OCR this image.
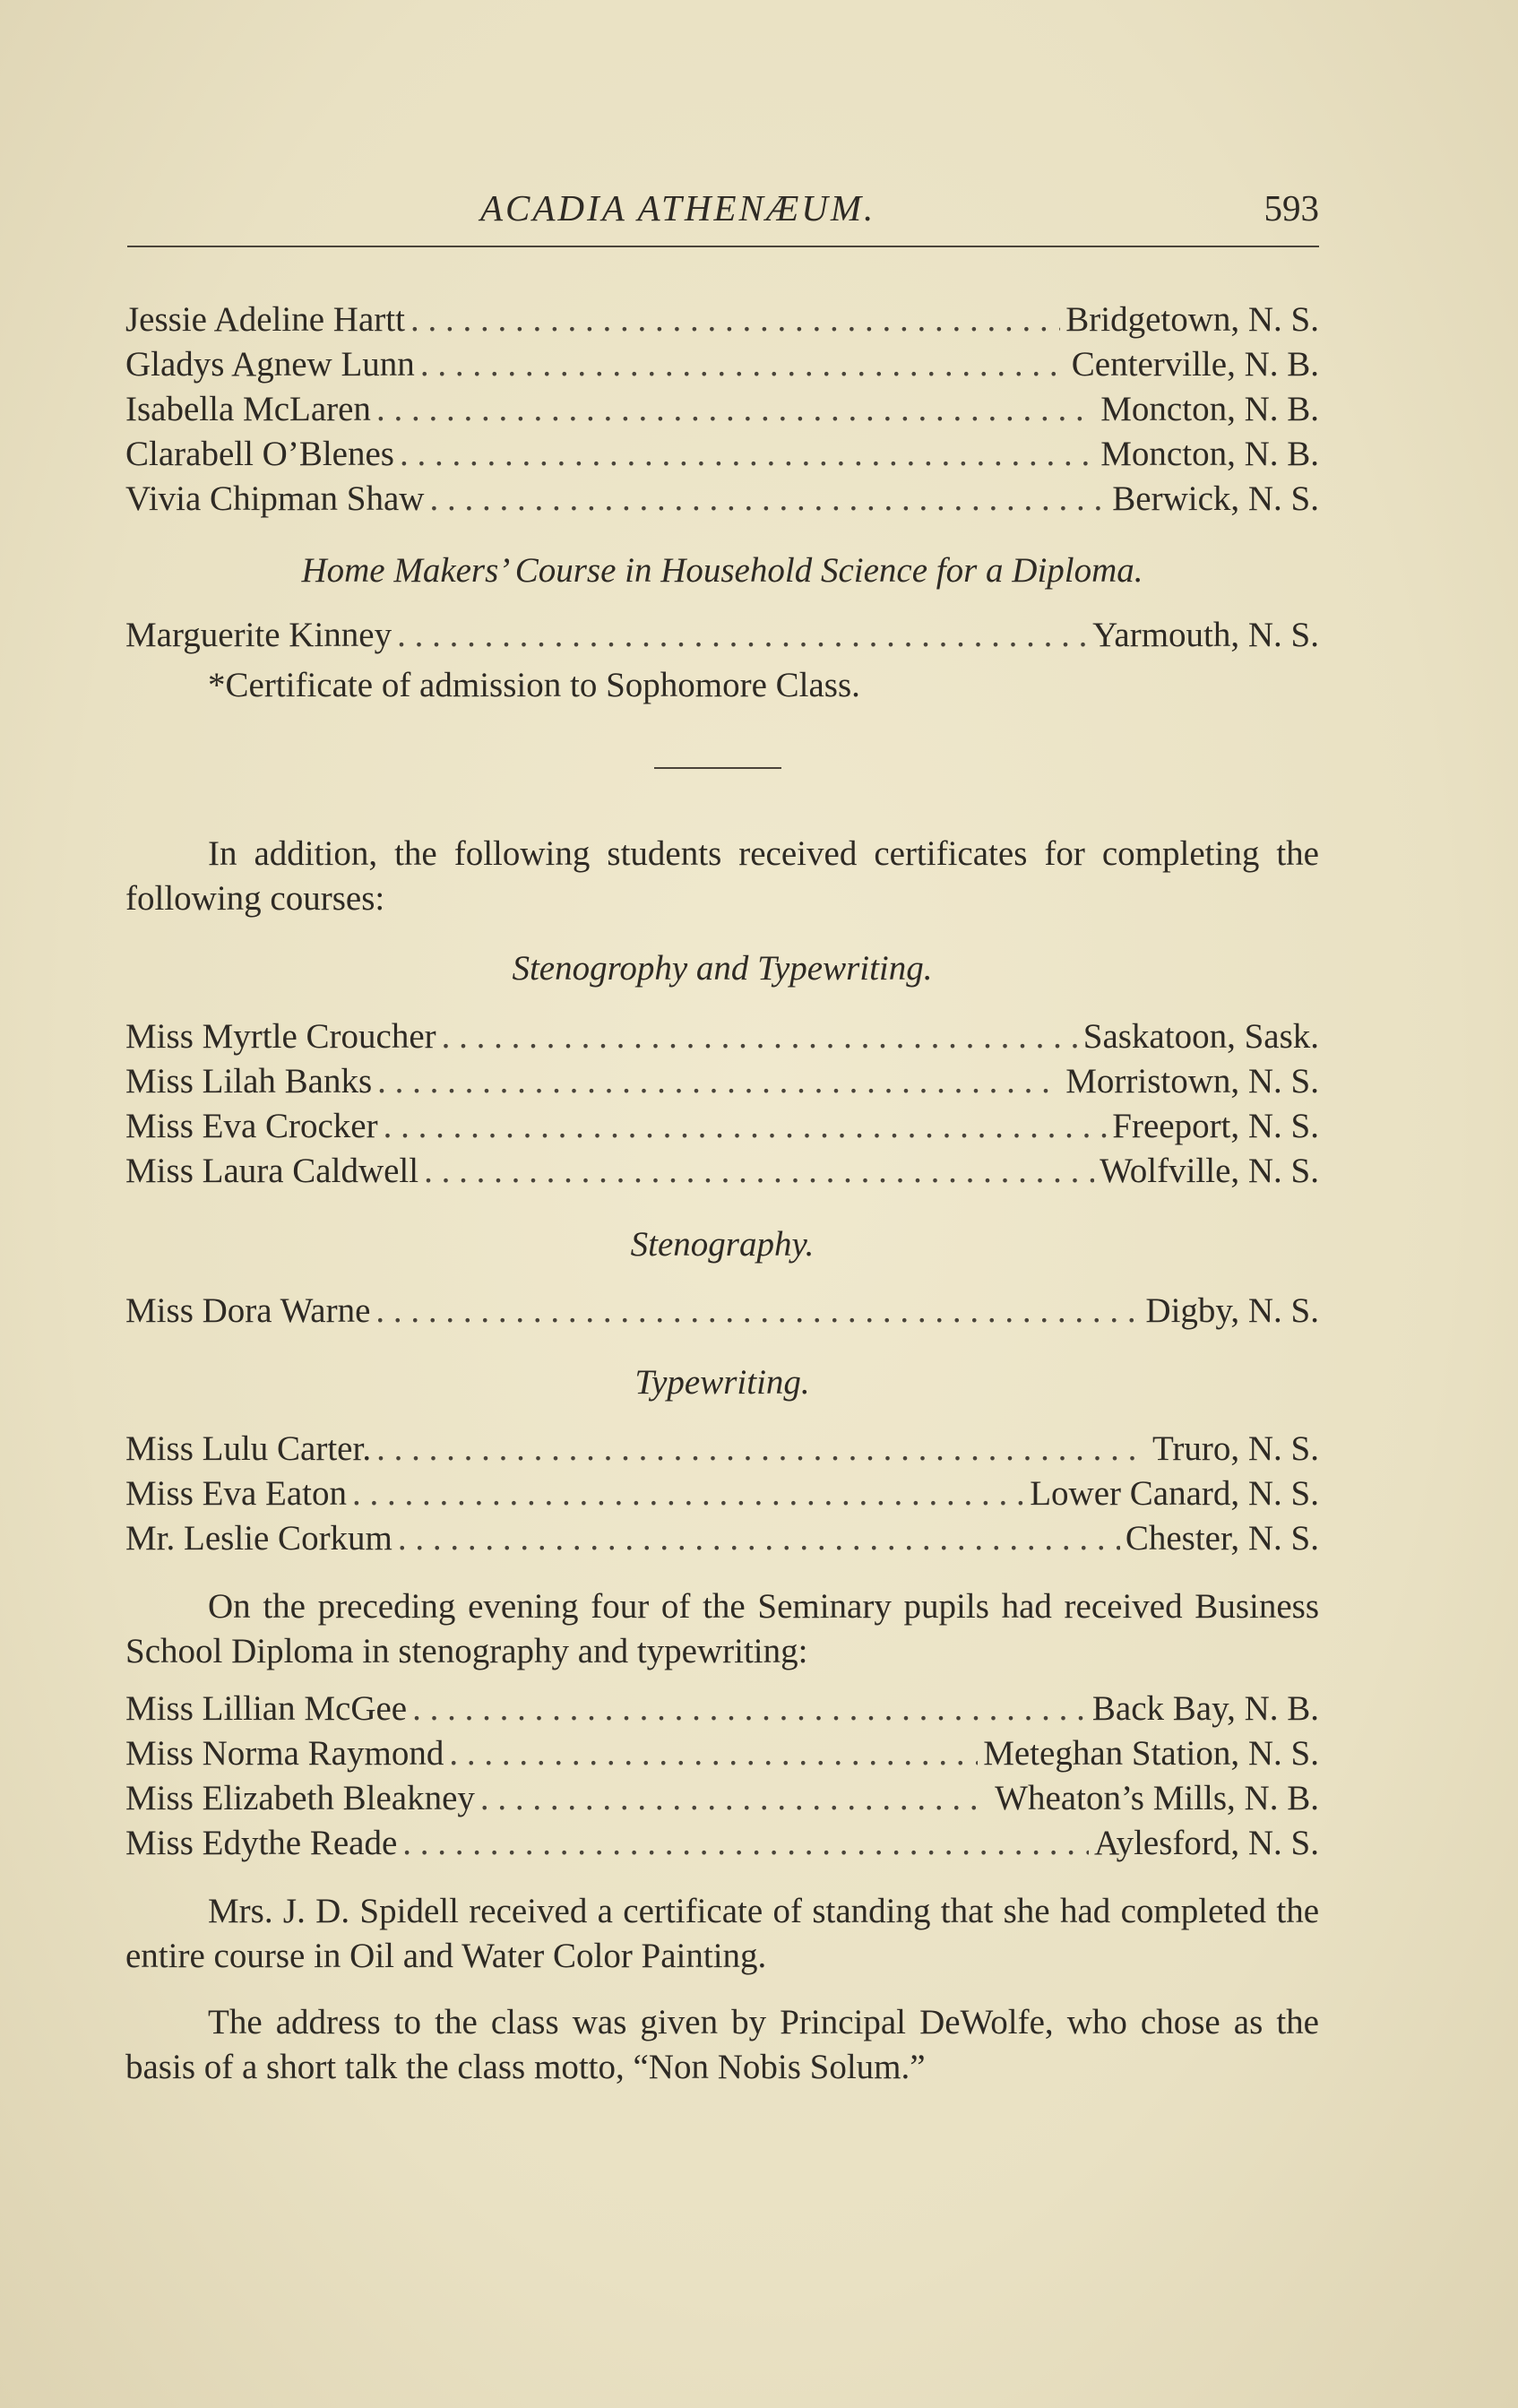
ACADIA ATHENÆUM.	593
Jessie Adeline Hartt . . .	Bridgetown, N. S.
Gladys Agnew Lunn . . .	Centerville, N. B.
Isabella McLaren . . .	Moncton, N. B.
Clarabell O’Blenes . . .	Moncton, N. B.
Vivia Chipman Shaw . . .	Berwick, N. S.
Home Makers’ Course in Household Science for a Diploma.
Marguerite Kinney . . .	Yarmouth, N. S.
*Certificate of admission to Sophomore Class.
In addition, the following students received certificates for completing the following courses:
Stenogrophy and Typewriting.
Miss Myrtle Croucher . . .	Saskatoon, Sask.
Miss Lilah Banks . . .	Morristown, N. S.
Miss Eva Crocker . . .	Freeport, N. S.
Miss Laura Caldwell . . .	Wolfville, N. S.
Stenography.
Miss Dora Warne . . .	Digby, N. S.
Typewriting.
Miss Lulu Carter. . . .	Truro, N. S.
Miss Eva Eaton . . .	Lower Canard, N. S.
Mr. Leslie Corkum . . .	Chester, N. S.
On the preceding evening four of the Seminary pupils had received Business School Diploma in stenography and typewriting:
Miss Lillian McGee . . .	Back Bay, N. B.
Miss Norma Raymond . . .	Meteghan Station, N. S.
Miss Elizabeth Bleakney . . .	Wheaton’s Mills, N. B.
Miss Edythe Reade . . .	Aylesford, N. S.
Mrs. J. D. Spidell received a certificate of standing that she had completed the entire course in Oil and Water Color Painting.
The address to the class was given by Principal DeWolfe, who chose as the basis of a short talk the class motto, “Non Nobis Solum.”
